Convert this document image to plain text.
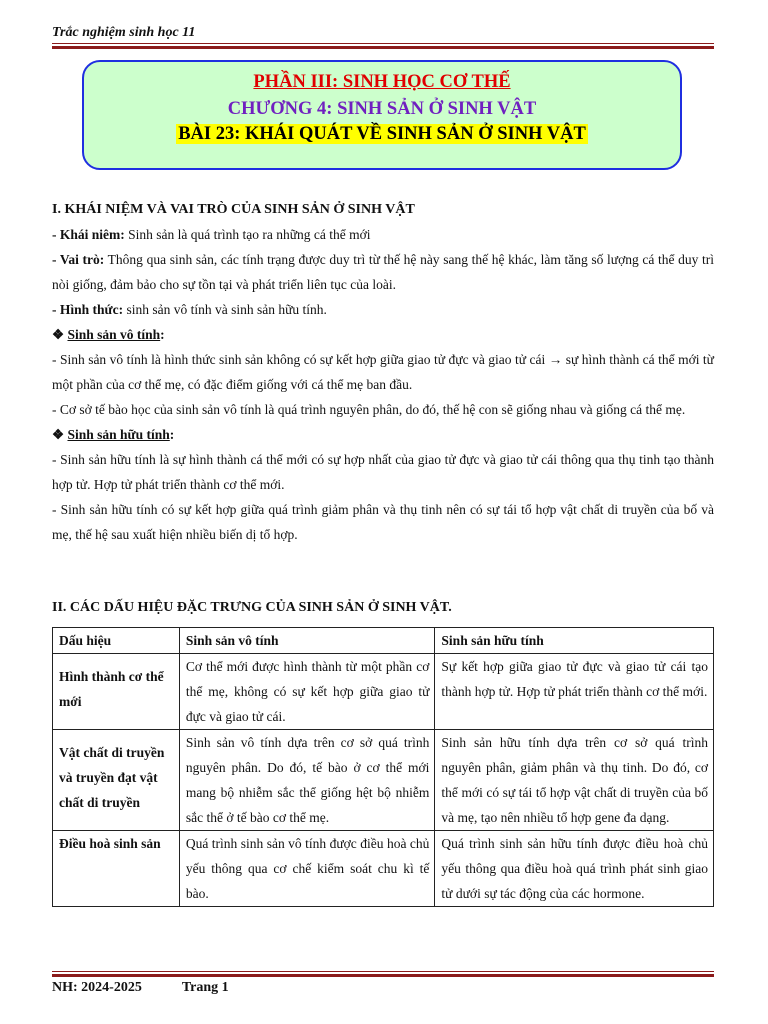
Trắc nghiệm sinh học 11
PHẦN III: SINH HỌC CƠ THẾ
CHƯƠNG 4: SINH SẢN Ở SINH VẬT
BÀI 23: KHÁI QUÁT VỀ SINH SẢN Ở SINH VẬT

I. KHÁI NIỆM VÀ VAI TRÒ CỦA SINH SẢN Ở SINH VẬT

- Khái niêm: Sinh sản là quá trình tạo ra những cá thể mới

- Vai trò: Thông qua sinh sản, các tính trạng được duy trì từ thế hệ này sang thế hệ khác, làm tăng số lượng cá thể duy trì nòi giống, đảm bảo cho sự tồn tại và phát triển liên tục của loài.

- Hình thức: sinh sản vô tính và sinh sản hữu tính.

❖ Sinh sản vô tính:

- Sinh sản vô tính là hình thức sinh sản không có sự kết hợp giữa giao tử đực và giao tử cái → sự hình thành cá thể mới từ một phần của cơ thể mẹ, có đặc điểm giống với cá thể mẹ ban đầu.

- Cơ sở tế bào học của sinh sản vô tính là quá trình nguyên phân, do đó, thế hệ con sẽ giống nhau và giống cá thể mẹ.

❖ Sinh sản hữu tính:

- Sinh sản hữu tính là sự hình thành cá thể mới có sự hợp nhất của giao tử đực và giao tử cái thông qua thụ tinh tạo thành hợp tử. Hợp tử phát triển thành cơ thể mới.

- Sinh sản hữu tính có sự kết hợp giữa quá trình giảm phân và thụ tinh nên có sự tái tổ hợp vật chất di truyền của bố và mẹ, thế hệ sau xuất hiện nhiều biến dị tổ hợp.

II. CÁC DẤU HIỆU ĐẶC TRƯNG CỦA SINH SẢN Ở SINH VẬT.
Dấu hiệu	Sinh sản vô tính	Sinh sản hữu tính
Hình thành cơ thể mới	Cơ thể mới được hình thành từ một phần cơ thể mẹ, không có sự kết hợp giữa giao tử đực và giao tử cái.	Sự kết hợp giữa giao tử đực và giao tử cái tạo thành hợp tử. Hợp tử phát triển thành cơ thể mới.
Vật chất di truyền và truyền đạt vật chất di truyền	Sinh sản vô tính dựa trên cơ sở quá trình nguyên phân. Do đó, tế bào ở cơ thể mới mang bộ nhiễm sắc thể giống hệt bộ nhiễm sắc thể ở tế bào cơ thể mẹ.	Sinh sản hữu tính dựa trên cơ sở quá trình nguyên phân, giảm phân và thụ tinh. Do đó, cơ thể mới có sự tái tổ hợp vật chất di truyền của bố và mẹ, tạo nên nhiều tổ hợp gene đa dạng.
Điều hoà sinh sản	Quá trình sinh sản vô tính được điều hoà chủ yếu thông qua cơ chế kiểm soát chu kì tế bào.	Quá trình sinh sản hữu tính được điều hoà chủ yếu thông qua điều hoà quá trình phát sinh giao tử dưới sự tác động của các hormone.
NH: 2024-2025	Trang 1
